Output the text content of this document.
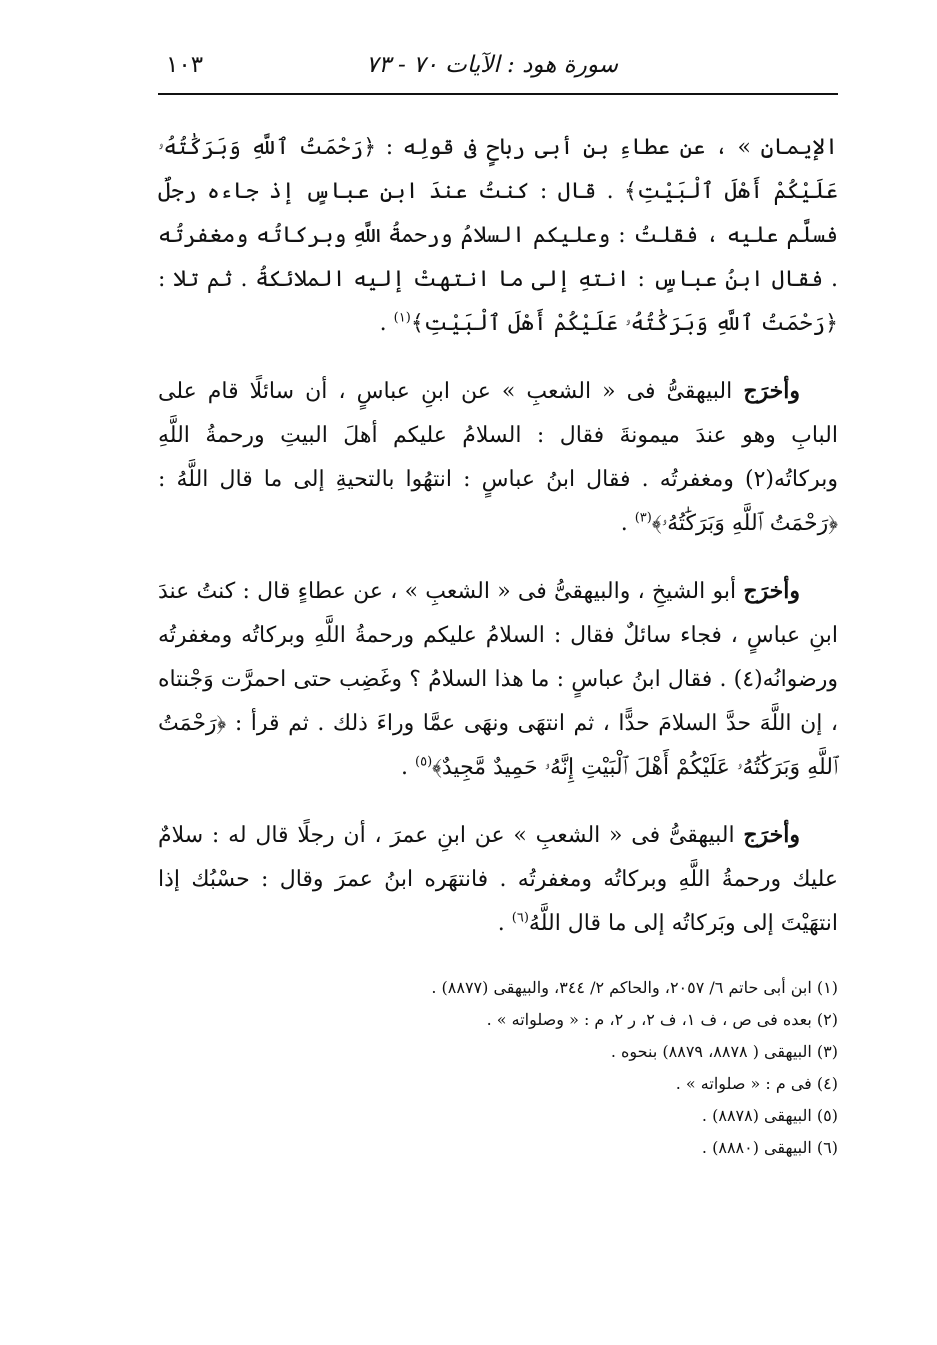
سورة هود : الآيات ٧٠ - ٧٣
١٠٣

الإيمانِ » ، عن عطاءِ بنِ أبى رباحٍ فى قولِه : ﴿رَحْمَتُ ٱللَّهِ وَبَرَكَٰتُهُۥ عَلَيْكُمْ أَهْلَ ٱلْبَيْتِ﴾ . قال : كنتُ عندَ ابنِ عباسٍ إذ جاءه رجلٌ فسلَّم عليه ، فقلتُ : وعليكم السلامُ ورحمةُ اللَّهِ وبركاتُه ومغفرتُه . فقال ابنُ عباسٍ : انتهِ إلى ما انتهتْ إليه الملائكةُ . ثم تلا : ﴿رَحْمَتُ ٱللَّهِ وَبَرَكَٰتُهُۥ عَلَيْكُمْ أَهْلَ ٱلْبَيْتِ﴾$^{(١)}$ .

وأخرَج البيهقىُّ فى « الشعبِ » عن ابنِ عباسٍ ، أن سائلًا قام على البابِ وهو عندَ ميمونةَ فقال : السلامُ عليكم أهلَ البيتِ ورحمةُ اللَّهِ وبركاتُه(٢) ومغفرتُه . فقال ابنُ عباسٍ : انتهُوا بالتحيةِ إلى ما قال اللَّهُ : ﴿رَحْمَتُ ٱللَّهِ وَبَرَكَٰتُهُۥ﴾$^{(٣)}$ .

وأخرَج أبو الشيخِ ، والبيهقىُّ فى « الشعبِ » ، عن عطاءٍ قال : كنتُ عندَ ابنِ عباسٍ ، فجاء سائلٌ فقال : السلامُ عليكم ورحمةُ اللَّهِ وبركاتُه ومغفرتُه ورضوانُه(٤) . فقال ابنُ عباسٍ : ما هذا السلامُ ؟ وغَضِب حتى احمرَّت وَجْنتاه ، إن اللَّهَ حدَّ السلامَ حدًّا ، ثم انتهَى ونهَى عمَّا وراءَ ذلك . ثم قرأ : ﴿رَحْمَتُ ٱللَّهِ وَبَرَكَٰتُهُۥ عَلَيْكُمْ أَهْلَ ٱلْبَيْتِ إِنَّهُۥ حَمِيدٌ مَّجِيدٌ﴾$^{(٥)}$ .

وأخرَج البيهقىُّ فى « الشعبِ » عن ابنِ عمرَ ، أن رجلًا قال له : سلامٌ عليك ورحمةُ اللَّهِ وبركاتُه ومغفرتُه . فانتهَره ابنُ عمرَ وقال : حسْبُك إذا انتهَيْتَ إلى وبَركاتُه إلى ما قال اللَّهُ$^{(٦)}$ .

(١) ابن أبى حاتم ٦/ ٢٠٥٧، والحاكم ٢/ ٣٤٤، والبيهقى (٨٨٧٧) .
(٢) بعده فى ص ، ف ١، ف ٢، ر ٢، م : « وصلواته » .
(٣) البيهقى ( ٨٨٧٨، ٨٨٧٩) بنحوه .
(٤) فى م : « صلواته » .
(٥) البيهقى (٨٨٧٨) .
(٦) البيهقى (٨٨٨٠) .
